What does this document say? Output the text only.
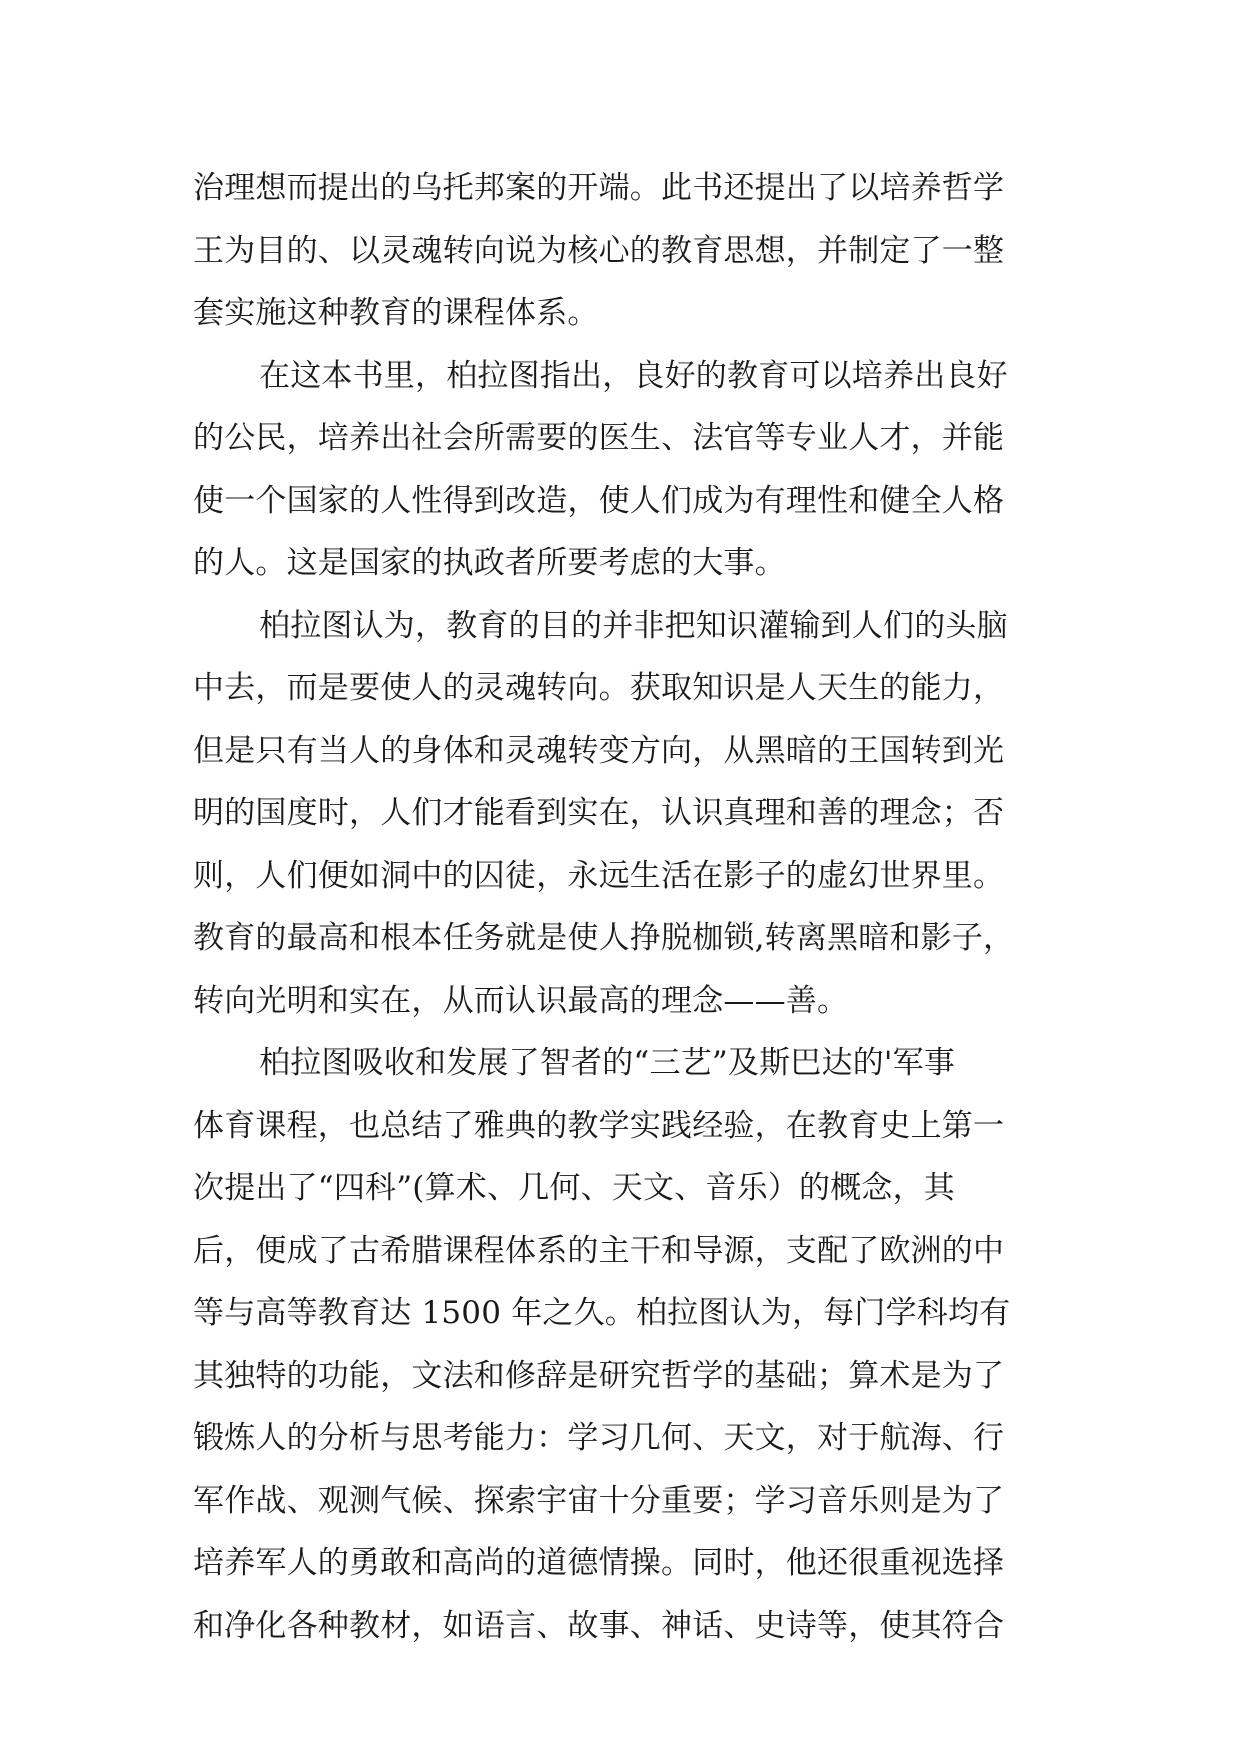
治理想而提出的乌托邦案的开端。此书还提出了以培养哲学
王为目的、以灵魂转向说为核心的教育思想，并制定了一整
套实施这种教育的课程体系。
在这本书里，柏拉图指出，良好的教育可以培养出良好
的公民，培养出社会所需要的医生、法官等专业人才，并能
使一个国家的人性得到改造，使人们成为有理性和健全人格
的人。这是国家的执政者所要考虑的大事。
柏拉图认为，教育的目的并非把知识灌输到人们的头脑
中去，而是要使人的灵魂转向。获取知识是人天生的能力，
但是只有当人的身体和灵魂转变方向，从黑暗的王国转到光
明的国度时，人们才能看到实在，认识真理和善的理念；否
则，人们便如洞中的囚徒，永远生活在影子的虚幻世界里。
教育的最高和根本任务就是使人挣脱枷锁,转离黑暗和影子，
转向光明和实在，从而认识最高的理念——善。
柏拉图吸收和发展了智者的“三艺”及斯巴达的'军事
体育课程，也总结了雅典的教学实践经验，在教育史上第一
次提出了“四科”(算术、几何、天文、音乐）的概念，其
后，便成了古希腊课程体系的主干和导源，支配了欧洲的中
等与高等教育达 1500 年之久。柏拉图认为，每门学科均有
其独特的功能，文法和修辞是研究哲学的基础；算术是为了
锻炼人的分析与思考能力：学习几何、天文，对于航海、行
军作战、观测气候、探索宇宙十分重要；学习音乐则是为了
培养军人的勇敢和高尚的道德情操。同时，他还很重视选择
和净化各种教材，如语言、故事、神话、史诗等，使其符合
